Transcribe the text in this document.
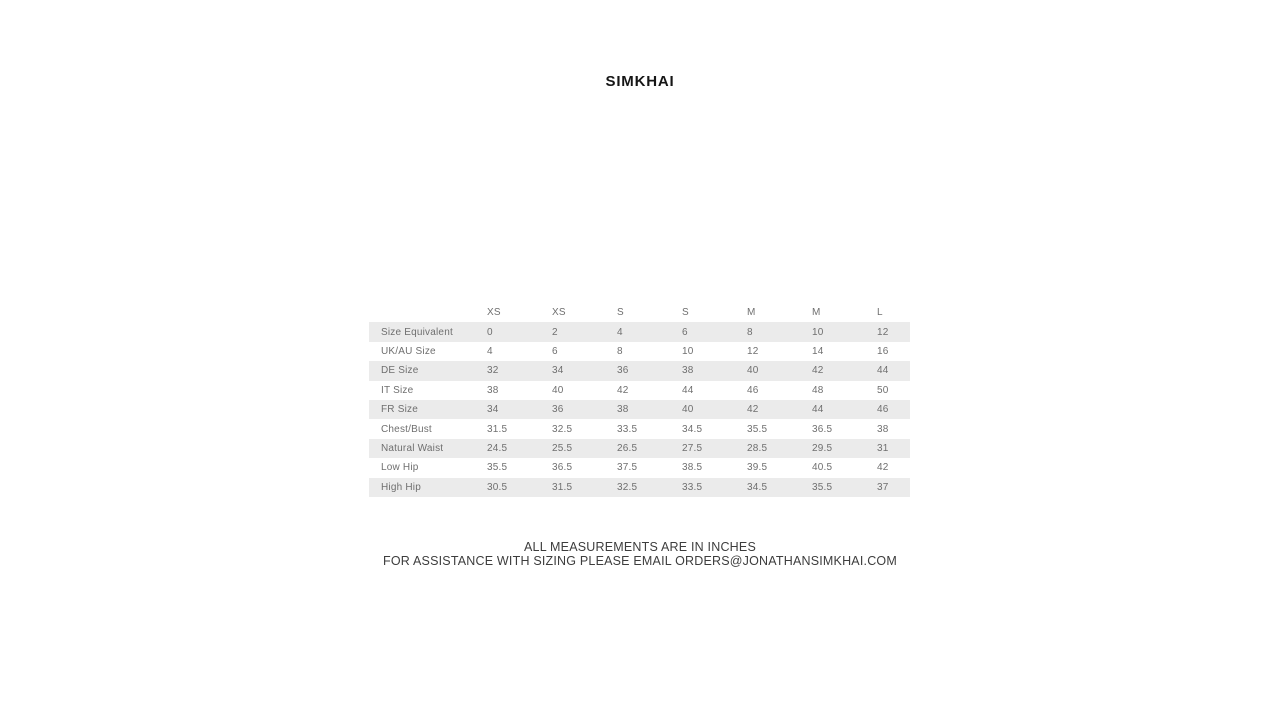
SIMKHAI
	XS	XS	S	S	M	M	L
Size Equivalent	0	2	4	6	8	10	12
UK/AU Size	4	6	8	10	12	14	16
DE Size	32	34	36	38	40	42	44
IT Size	38	40	42	44	46	48	50
FR Size	34	36	38	40	42	44	46
Chest/Bust	31.5	32.5	33.5	34.5	35.5	36.5	38
Natural Waist	24.5	25.5	26.5	27.5	28.5	29.5	31
Low Hip	35.5	36.5	37.5	38.5	39.5	40.5	42
High Hip	30.5	31.5	32.5	33.5	34.5	35.5	37
ALL MEASUREMENTS ARE IN INCHES
FOR ASSISTANCE WITH SIZING PLEASE EMAIL ORDERS@JONATHANSIMKHAI.COM
